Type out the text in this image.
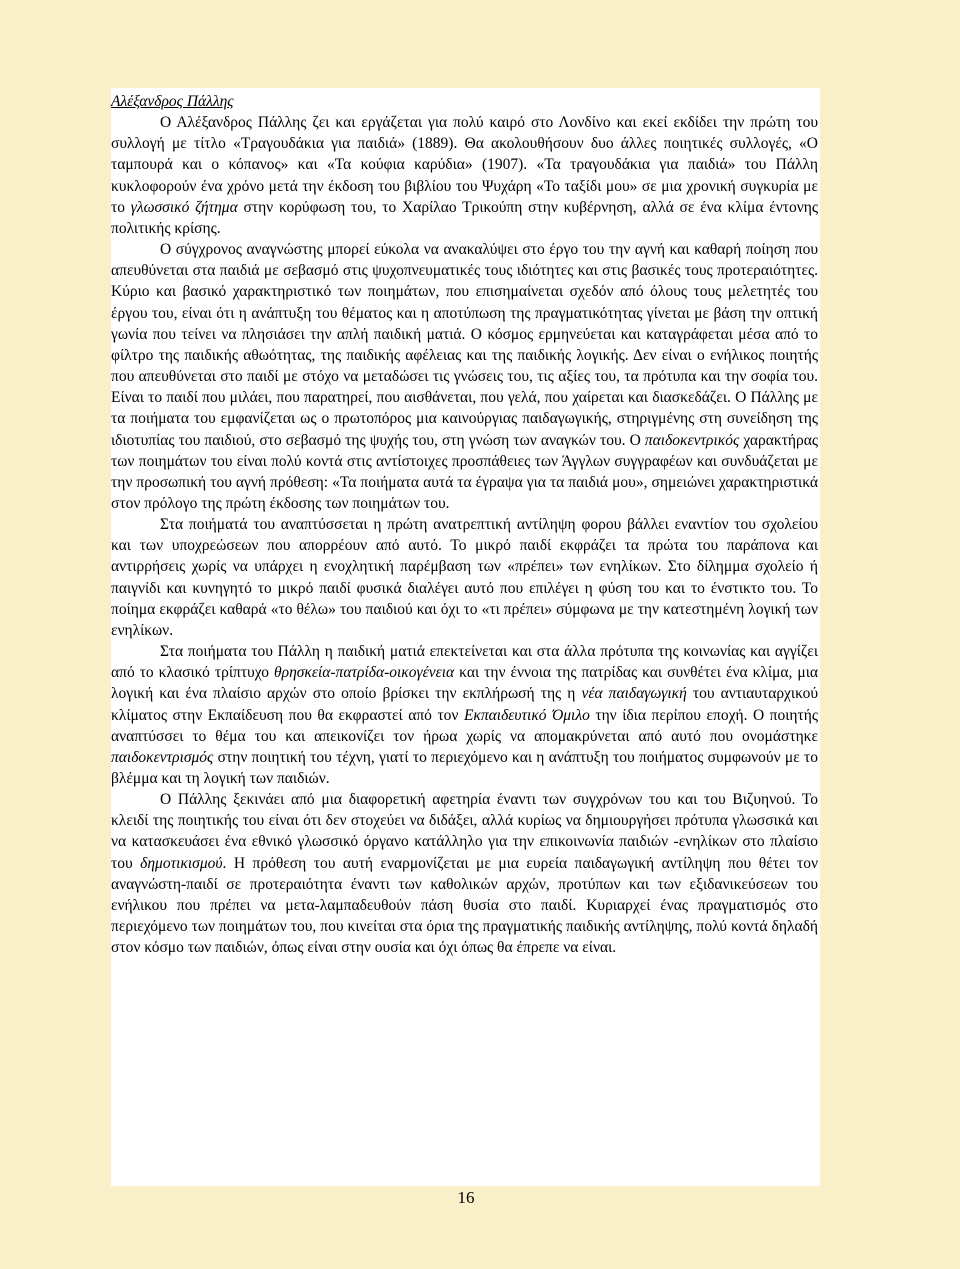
Αλέξανδρος Πάλλης

Ο Αλέξανδρος Πάλλης ζει και εργάζεται για πολύ καιρό στο Λονδίνο και εκεί εκδίδει την πρώτη του συλλογή με τίτλο «Τραγουδάκια για παιδιά» (1889). Θα ακολουθήσουν δυο άλλες ποιητικές συλλογές, «Ο ταμπουρά και ο κόπανος» και «Τα κούφια καρύδια» (1907). «Τα τραγουδάκια για παιδιά» του Πάλλη κυκλοφορούν ένα χρόνο μετά την έκδοση του βιβλίου του Ψυχάρη «Το ταξίδι μου» σε μια χρονική συγκυρία με το γλωσσικό ζήτημα στην κορύφωση του, το Χαρίλαο Τρικούπη στην κυβέρνηση, αλλά σε ένα κλίμα έντονης πολιτικής κρίσης.

Ο σύγχρονος αναγνώστης μπορεί εύκολα να ανακαλύψει στο έργο του την αγνή και καθαρή ποίηση που απευθύνεται στα παιδιά με σεβασμό στις ψυχοπνευματικές τους ιδιότητες και στις βασικές τους προτεραιότητες. Κύριο και βασικό χαρακτηριστικό των ποιημάτων, που επισημαίνεται σχεδόν από όλους τους μελετητές του έργου του, είναι ότι η ανάπτυξη του θέματος και η αποτύπωση της πραγματικότητας γίνεται με βάση την οπτική γωνία που τείνει να πλησιάσει την απλή παιδική ματιά. Ο κόσμος ερμηνεύεται και καταγράφεται μέσα από το φίλτρο της παιδικής αθωότητας, της παιδικής αφέλειας και της παιδικής λογικής. Δεν είναι ο ενήλικος ποιητής που απευθύνεται στο παιδί με στόχο να μεταδώσει τις γνώσεις του, τις αξίες του, τα πρότυπα και την σοφία του. Είναι το παιδί που μιλάει, που παρατηρεί, που αισθάνεται, που γελά, που χαίρεται και διασκεδάζει. Ο Πάλλης με τα ποιήματα του εμφανίζεται ως ο πρωτοπόρος μια καινούργιας παιδαγωγικής, στηριγμένης στη συνείδηση της ιδιοτυπίας του παιδιού, στο σεβασμό της ψυχής του, στη γνώση των αναγκών του. Ο παιδοκεντρικός χαρακτήρας των ποιημάτων του είναι πολύ κοντά στις αντίστοιχες προσπάθειες των Άγγλων συγγραφέων και συνδυάζεται με την προσωπική του αγνή πρόθεση: «Τα ποιήματα αυτά τα έγραψα για τα παιδιά μου», σημειώνει χαρακτηριστικά στον πρόλογο της πρώτη έκδοσης των ποιημάτων του.

Στα ποιήματά του αναπτύσσεται η πρώτη ανατρεπτική αντίληψη φορου βάλλει εναντίον του σχολείου και των υποχρεώσεων που απορρέουν από αυτό. Το μικρό παιδί εκφράζει τα πρώτα του παράπονα και αντιρρήσεις χωρίς να υπάρχει η ενοχλητική παρέμβαση των «πρέπει» των ενηλίκων. Στο δίλημμα σχολείο ή παιγνίδι και κυνηγητό το μικρό παιδί φυσικά διαλέγει αυτό που επιλέγει η φύση του και το ένστικτο του. Το ποίημα εκφράζει καθαρά «το θέλω» του παιδιού και όχι το «τι πρέπει» σύμφωνα με την κατεστημένη λογική των ενηλίκων.

Στα ποιήματα του Πάλλη η παιδική ματιά επεκτείνεται και στα άλλα πρότυπα της κοινωνίας και αγγίζει από το κλασικό τρίπτυχο θρησκεία-πατρίδα-οικογένεια και την έννοια της πατρίδας και συνθέτει ένα κλίμα, μια λογική και ένα πλαίσιο αρχών στο οποίο βρίσκει την εκπλήρωσή της η νέα παιδαγωγική του αντιαυταρχικού κλίματος στην Εκπαίδευση που θα εκφραστεί από τον Εκπαιδευτικό Όμιλο την ίδια περίπου εποχή. Ο ποιητής αναπτύσσει το θέμα του και απεικονίζει τον ήρωα χωρίς να απομακρύνεται από αυτό που ονομάστηκε παιδοκεντρισμός στην ποιητική του τέχνη, γιατί το περιεχόμενο και η ανάπτυξη του ποιήματος συμφωνούν με το βλέμμα και τη λογική των παιδιών.

Ο Πάλλης ξεκινάει από μια διαφορετική αφετηρία έναντι των συγχρόνων του και του Βιζυηνού. Το κλειδί της ποιητικής του είναι ότι δεν στοχεύει να διδάξει, αλλά κυρίως να δημιουργήσει πρότυπα γλωσσικά και να κατασκευάσει ένα εθνικό γλωσσικό όργανο κατάλληλο για την επικοινωνία παιδιών -ενηλίκων στο πλαίσιο του δημοτικισμού. Η πρόθεση του αυτή εναρμονίζεται με μια ευρεία παιδαγωγική αντίληψη που θέτει τον αναγνώστη-παιδί σε προτεραιότητα έναντι των καθολικών αρχών, προτύπων και των εξιδανικεύσεων του ενήλικου που πρέπει να μετα-λαμπαδευθούν πάση θυσία στο παιδί. Κυριαρχεί ένας πραγματισμός στο περιεχόμενο των ποιημάτων του, που κινείται στα όρια της πραγματικής παιδικής αντίληψης, πολύ κοντά δηλαδή στον κόσμο των παιδιών, όπως είναι στην ουσία και όχι όπως θα έπρεπε να είναι.

16
